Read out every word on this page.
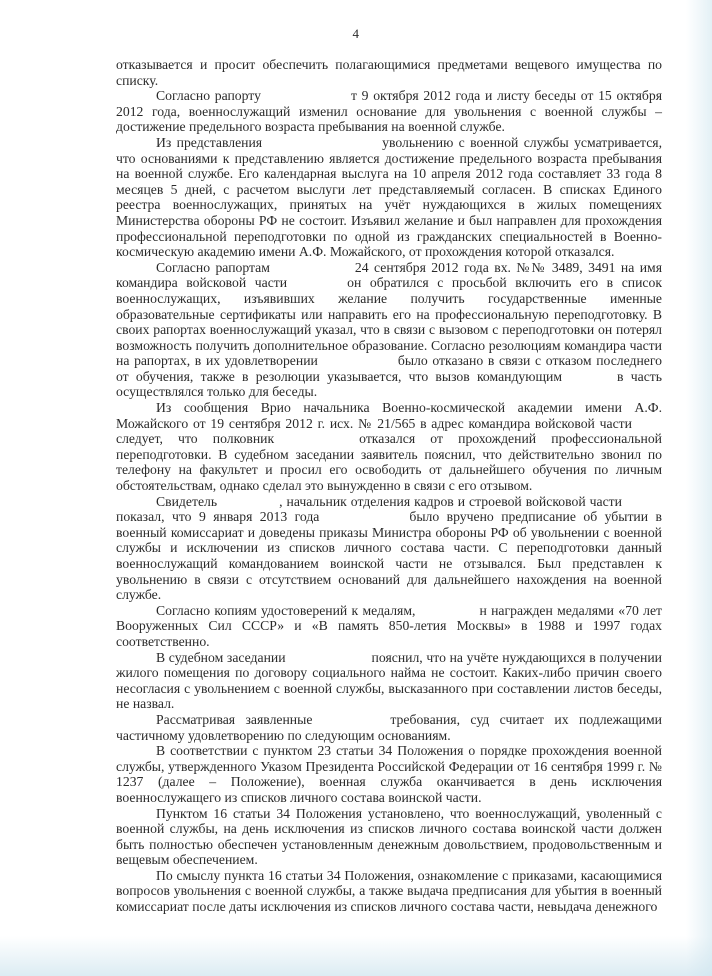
4

отказывается и просит обеспечить полагающимися предметами вещевого имущества по списку.

Согласно рапорту	т 9 октября 2012 года и листу беседы от 15 октября 2012 года, военнослужащий изменил основание для увольнения с военной службы – достижение предельного возраста пребывания на военной службе.

Из представления	увольнению с военной службы усматривается, что основаниями к представлению является достижение предельного возраста пребывания на военной службе. Его календарная выслуга на 10 апреля 2012 года составляет 33 года 8 месяцев 5 дней, с расчетом выслуги лет представляемый согласен. В списках Единого реестра военнослужащих, принятых на учёт нуждающихся в жилых помещениях Министерства обороны РФ не состоит. Изъявил желание и был направлен для прохождения профессиональной переподготовки по одной из гражданских специальностей в Военно-космическую академию имени А.Ф. Можайского, от прохождения которой отказался.

Согласно рапортам	24 сентября 2012 года вх. №№ 3489, 3491 на имя командира войсковой части	он обратился с просьбой включить его в список военнослужащих, изъявивших желание получить государственные именные образовательные сертификаты или направить его на профессиональную переподготовку. В своих рапортах военнослужащий указал, что в связи с вызовом с переподготовки он потерял возможность получить дополнительное образование. Согласно резолюциям командира части на рапортах, в их удовлетворении	было отказано в связи с отказом последнего от обучения, также в резолюции указывается, что вызов командующим	в часть осуществлялся только для беседы.

Из сообщения Врио начальника Военно-космической академии имени А.Ф. Можайского от 19 сентября 2012 г. исх. № 21/565 в адрес командира войсковой частиследует, что полковник	отказался от прохождений профессиональной переподготовки. В судебном заседании заявитель пояснил, что действительно звонил по телефону на факультет и просил его освободить от дальнейшего обучения по личным обстоятельствам, однако сделал это вынужденно в связи с его отзывом.

Свидетель	, начальник отделения кадров и строевой войсковой частипоказал, что 9 января 2013 года	было вручено предписание об убытии в военный комиссариат и доведены приказы Министра обороны РФ об увольнении с военной службы и исключении из списков личного состава части. С переподготовки данный военнослужащий командованием воинской части не отзывался. Был представлен к увольнению в связи с отсутствием оснований для дальнейшего нахождения на военной службе.

Согласно копиям удостоверений к медалям,	н награжден медалями «70 лет Вооруженных Сил СССР» и «В память 850-летия Москвы» в 1988 и 1997 годах соответственно.

В судебном заседании	пояснил, что на учёте нуждающихся в получении жилого помещения по договору социального найма не состоит. Каких-либо причин своего несогласия с увольнением с военной службы, высказанного при составлении листов беседы, не назвал.

Рассматривая заявленные	требования, суд считает их подлежащими частичному удовлетворению по следующим основаниям.

В соответствии с пунктом 23 статьи 34 Положения о порядке прохождения военной службы, утвержденного Указом Президента Российской Федерации от 16 сентября 1999 г. № 1237 (далее – Положение), военная служба оканчивается в день исключения военнослужащего из списков личного состава воинской части.

Пунктом 16 статьи 34 Положения установлено, что военнослужащий, уволенный с военной службы, на день исключения из списков личного состава воинской части должен быть полностью обеспечен установленным денежным довольствием, продовольственным и вещевым обеспечением.

По смыслу пункта 16 статьи 34 Положения, ознакомление с приказами, касающимися вопросов увольнения с военной службы, а также выдача предписания для убытия в военный комиссариат после даты исключения из списков личного состава части, невыдача денежного
